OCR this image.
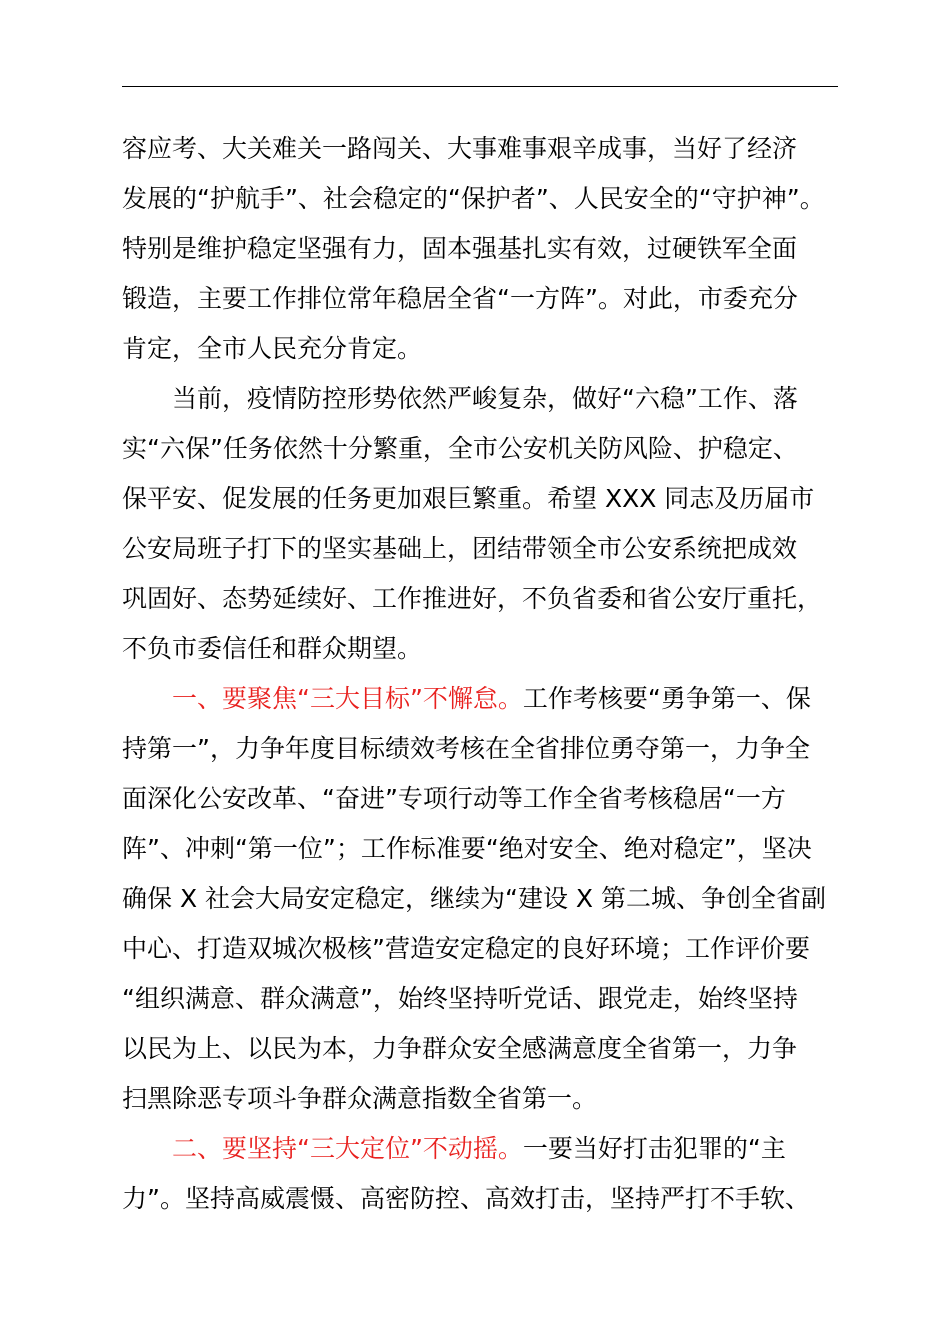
容应考、大关难关一路闯关、大事难事艰辛成事，当好了经济
发展的“护航手”、社会稳定的“保护者”、人民安全的“守护神”。
特别是维护稳定坚强有力，固本强基扎实有效，过硬铁军全面
锻造，主要工作排位常年稳居全省“一方阵”。对此，市委充分
肯定，全市人民充分肯定。
当前，疫情防控形势依然严峻复杂，做好“六稳”工作、落
实“六保”任务依然十分繁重，全市公安机关防风险、护稳定、
保平安、促发展的任务更加艰巨繁重。希望 XXX 同志及历届市
公安局班子打下的坚实基础上，团结带领全市公安系统把成效
巩固好、态势延续好、工作推进好，不负省委和省公安厅重托，
不负市委信任和群众期望。
一、要聚焦“三大目标”不懈怠。工作考核要“勇争第一、保
持第一”，力争年度目标绩效考核在全省排位勇夺第一，力争全
面深化公安改革、“奋进”专项行动等工作全省考核稳居“一方
阵”、冲刺“第一位”；工作标准要“绝对安全、绝对稳定”，坚决
确保 X 社会大局安定稳定，继续为“建设 X 第二城、争创全省副
中心、打造双城次极核”营造安定稳定的良好环境；工作评价要
“组织满意、群众满意”，始终坚持听党话、跟党走，始终坚持
以民为上、以民为本，力争群众安全感满意度全省第一，力争
扫黑除恶专项斗争群众满意指数全省第一。
二、要坚持“三大定位”不动摇。一要当好打击犯罪的“主
力”。坚持高威震慑、高密防控、高效打击，坚持严打不手软、
